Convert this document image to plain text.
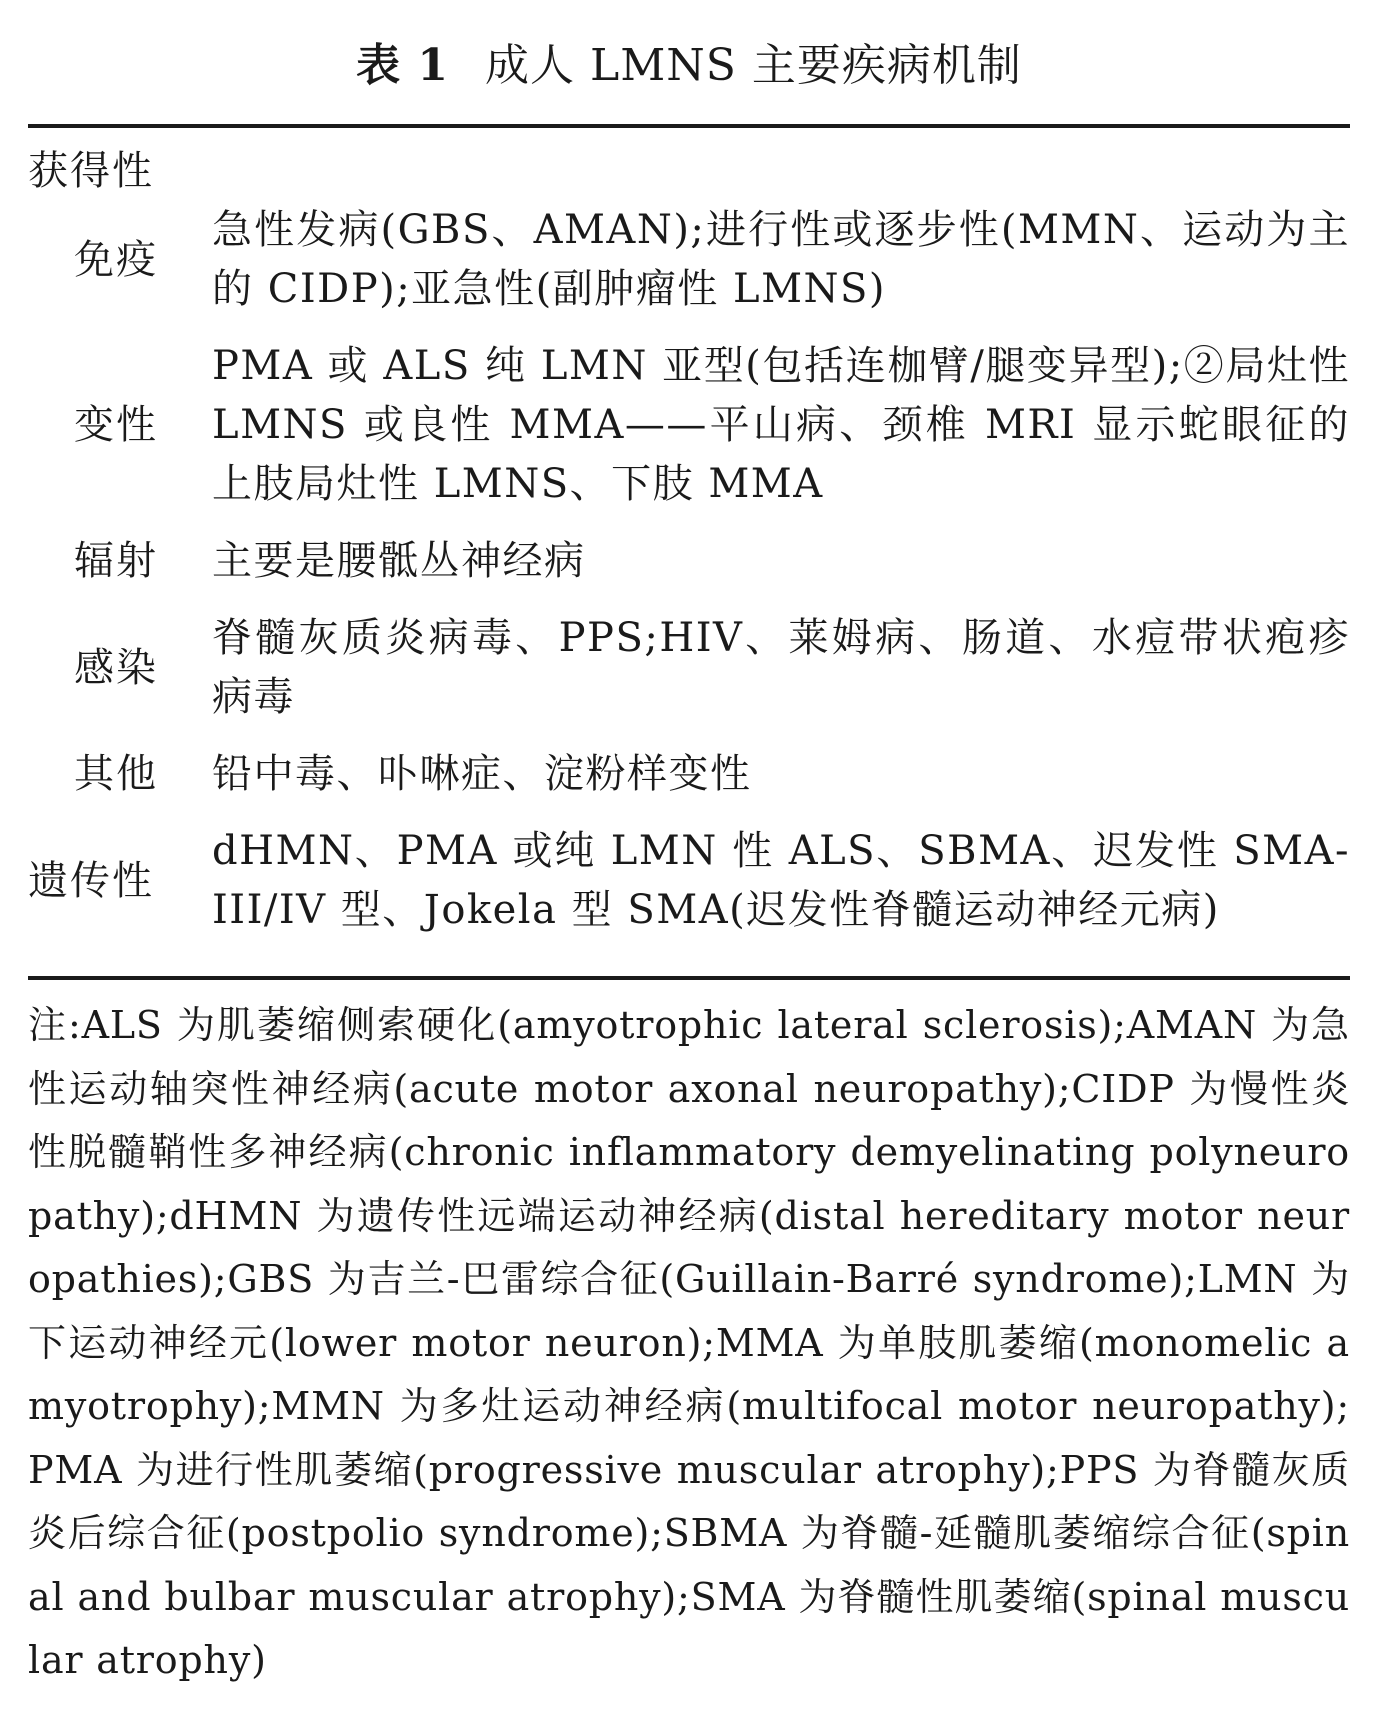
表 1 成人 LMNS 主要疾病机制
获得性
免疫
急性发病(GBS、AMAN);进行性或逐步性(MMN、运动为主的 CIDP);亚急性(副肿瘤性 LMNS)
变性
PMA 或 ALS 纯 LMN 亚型(包括连枷臂/腿变异型);②局灶性 LMNS 或良性 MMA——平山病、颈椎 MRI 显示蛇眼征的上肢局灶性 LMNS、下肢 MMA
辐射	主要是腰骶丛神经病
感染
脊髓灰质炎病毒、PPS;HIV、莱姆病、肠道、水痘带状疱疹病毒
其他	铅中毒、卟啉症、淀粉样变性
遗传性
dHMN、PMA 或纯 LMN 性 ALS、SBMA、迟发性 SMA-III/IV 型、Jokela 型 SMA(迟发性脊髓运动神经元病)
注:ALS 为肌萎缩侧索硬化(amyotrophic lateral sclerosis);AMAN 为急性运动轴突性神经病(acute motor axonal neuropathy);CIDP 为慢性炎性脱髓鞘性多神经病(chronic inflammatory demyelinating polyneuropathy);dHMN 为遗传性远端运动神经病(distal hereditary motor neuropathies);GBS 为吉兰-巴雷综合征(Guillain-Barré syndrome);LMN 为下运动神经元(lower motor neuron);MMA 为单肢肌萎缩(monomelic amyotrophy);MMN 为多灶运动神经病(multifocal motor neuropathy);PMA 为进行性肌萎缩(progressive muscular atrophy);PPS 为脊髓灰质炎后综合征(postpolio syndrome);SBMA 为脊髓-延髓肌萎缩综合征(spinal and bulbar muscular atrophy);SMA 为脊髓性肌萎缩(spinal muscular atrophy)
